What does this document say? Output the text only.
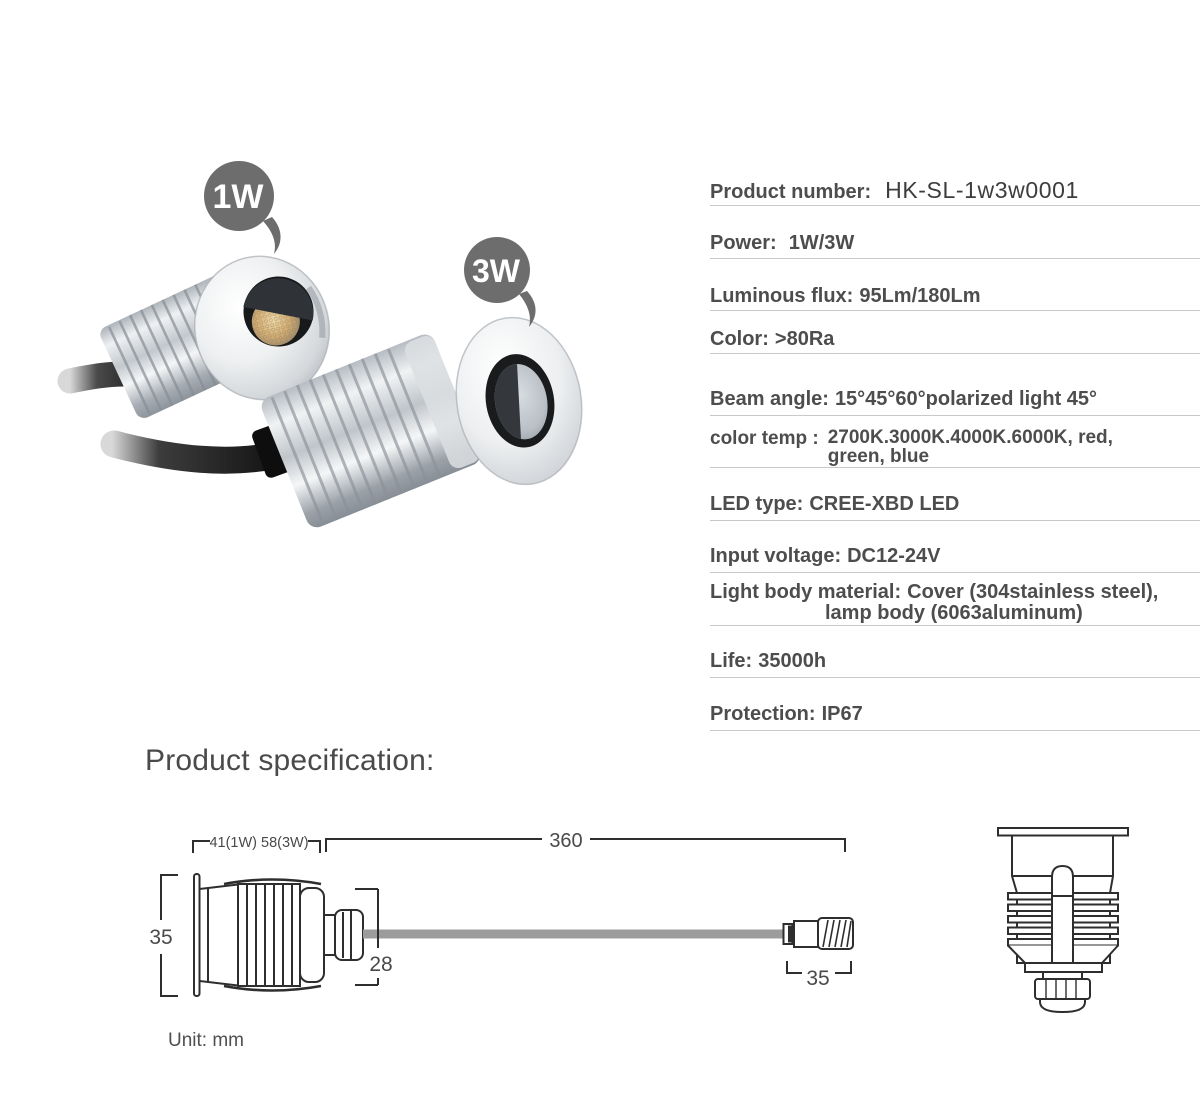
1W
3W
41(1W) 58(3W)	360
35
28
35
Unit: mm
Product number: HK-SL-1w3w0001
Power: 1W/3W
Luminous flux: 95Lm/180Lm
Color: >80Ra
Beam angle: 15°45°60°polarized light 45°
color temp : 2700K.3000K.4000K.6000K, red,
green, blue
LED type: CREE-XBD LED
Input voltage: DC12-24V
Light body material: Cover (304stainless steel),
lamp body (6063aluminum)
Life: 35000h
Protection: IP67
Product specification:
